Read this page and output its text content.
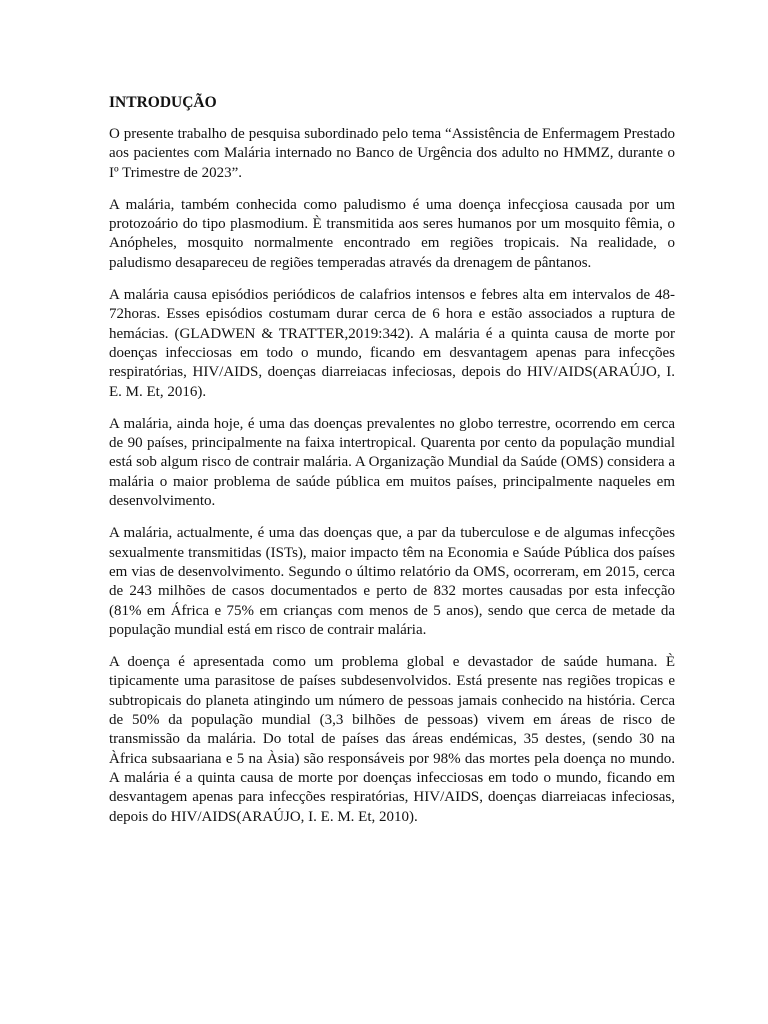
INTRODUÇÃO

O presente trabalho de pesquisa subordinado pelo tema “Assistência de Enfermagem Prestado aos pacientes com Malária internado no Banco de Urgência dos adulto no HMMZ, durante o Iº Trimestre de 2023”.

A malária, também conhecida como paludismo é uma doença infecçiosa causada por um protozoário do tipo plasmodium. È transmitida aos seres humanos por um mosquito fêmia, o Anópheles, mosquito normalmente encontrado em regiões tropicais. Na realidade, o paludismo desapareceu de regiões temperadas através da drenagem de pântanos.

A malária causa episódios periódicos de calafrios intensos e febres alta em intervalos de 48-72horas. Esses episódios costumam durar cerca de 6 hora e estão associados a ruptura de hemácias. (GLADWEN & TRATTER,2019:342). A malária é a quinta causa de morte por doenças infecciosas em todo o mundo, ficando em desvantagem apenas para infecções respiratórias, HIV/AIDS, doenças diarreiacas infeciosas, depois do HIV/AIDS(ARAÚJO, I. E. M. Et, 2016).

A malária, ainda hoje, é uma das doenças prevalentes no globo terrestre, ocorrendo em cerca de 90 países, principalmente na faixa intertropical. Quarenta por cento da população mundial está sob algum risco de contrair malária. A Organização Mundial da Saúde (OMS) considera a malária o maior problema de saúde pública em muitos países, principalmente naqueles em desenvolvimento.

A malária, actualmente, é uma das doenças que, a par da tuberculose e de algumas infecções sexualmente transmitidas (ISTs), maior impacto têm na Economia e Saúde Pública dos países em vias de desenvolvimento. Segundo o último relatório da OMS, ocorreram, em 2015, cerca de 243 milhões de casos documentados e perto de 832 mortes causadas por esta infecção (81% em África e 75% em crianças com menos de 5 anos), sendo que cerca de metade da população mundial está em risco de contrair malária.

A doença é apresentada como um problema global e devastador de saúde humana. È tipicamente uma parasitose de países subdesenvolvidos. Está presente nas regiões tropicas e subtropicais do planeta atingindo um número de pessoas jamais conhecido na história. Cerca de 50% da população mundial (3,3 bilhões de pessoas) vivem em áreas de risco de transmissão da malária. Do total de países das áreas endémicas, 35 destes, (sendo 30 na Àfrica subsaariana e 5 na Àsia) são responsáveis por 98% das mortes pela doença no mundo. A malária é a quinta causa de morte por doenças infecciosas em todo o mundo, ficando em desvantagem apenas para infecções respiratórias, HIV/AIDS, doenças diarreiacas infeciosas, depois do HIV/AIDS(ARAÚJO, I. E. M. Et, 2010).
